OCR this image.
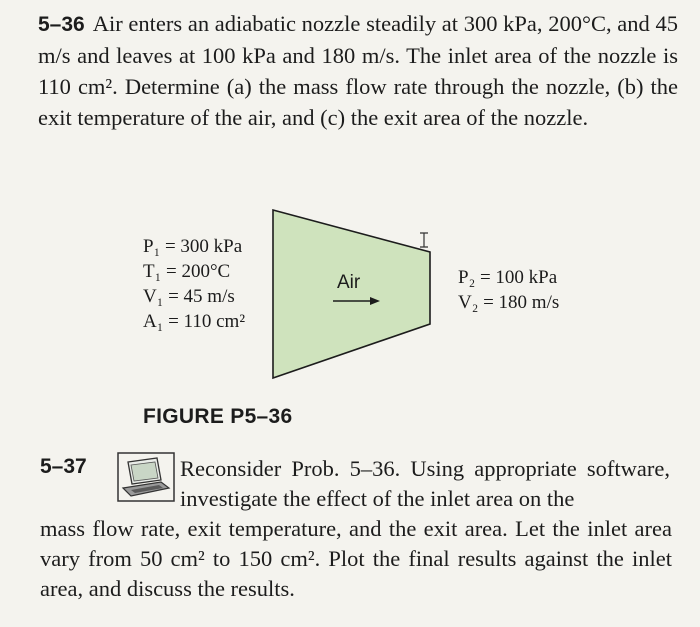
5–36 Air enters an adiabatic nozzle steadily at 300 kPa, 200°C, and 45 m/s and leaves at 100 kPa and 180 m/s. The inlet area of the nozzle is 110 cm². Determine (a) the mass flow rate through the nozzle, (b) the exit temperature of the air, and (c) the exit area of the nozzle.
P₁ = 300 kPa
T₁ = 200°C
V₁ = 45 m/s
A₁ = 110 cm²
Air	P₂ = 100 kPa
V₂ = 180 m/s
FIGURE P5–36
5–37	Reconsider Prob. 5–36. Using appropriate software, investigate the effect of the inlet area on the
mass flow rate, exit temperature, and the exit area. Let the inlet area vary from 50 cm² to 150 cm². Plot the final results against the inlet area, and discuss the results.
